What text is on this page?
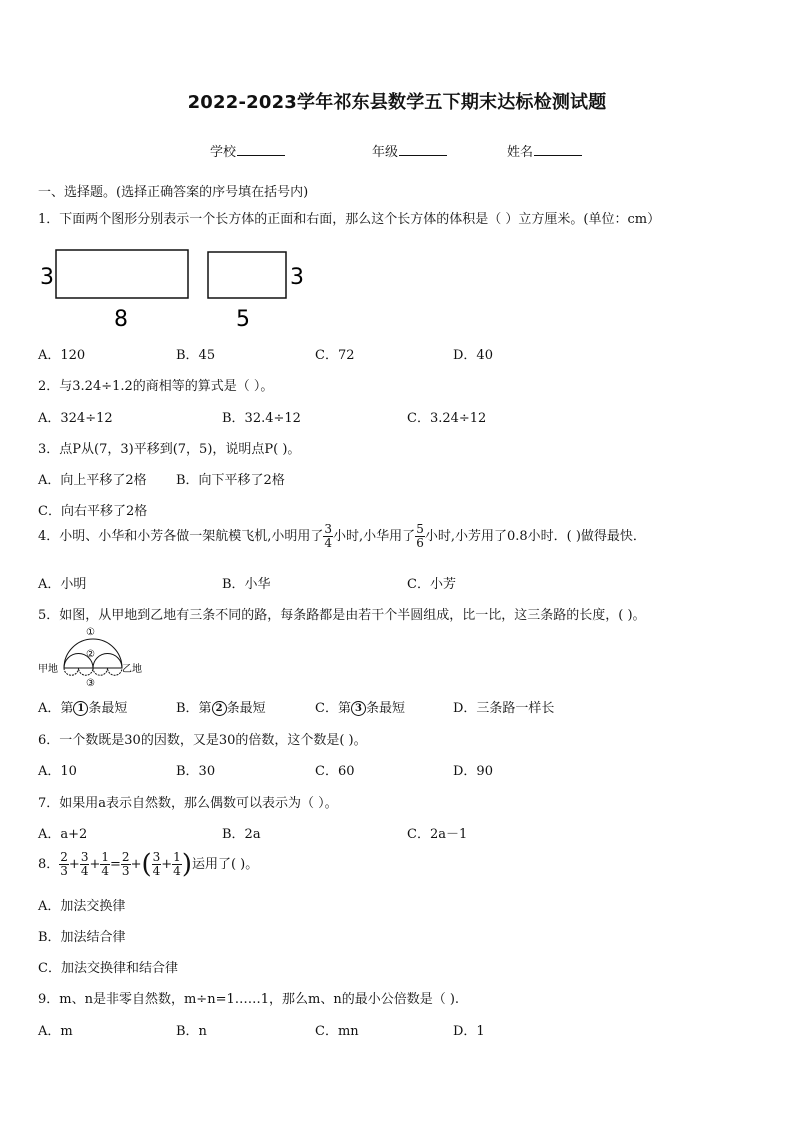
2022-2023学年祁东县数学五下期末达标检测试题
学校	年级	姓名
一、选择题。(选择正确答案的序号填在括号内)
1．下面两个图形分别表示一个长方体的正面和右面，那么这个长方体的体积是（ ）立方厘米。(单位：cm）
3
8
3
5
A．120	B．45	C．72	D．40
2．与3.24÷1.2的商相等的算式是（ ）。
A．324÷12	B．32.4÷12	C．3.24÷12
3．点P从(7，3)平移到(7，5)，说明点P( )。
A．向上平移了2格 B．向下平移了2格
C．向右平移了2格
4．小明、小华和小芳各做一架航模飞机,小明用了 $\frac{3}{4}$ 小时,小华用了 $\frac{5}{6}$ 小时,小芳用了0.8小时．( )做得最快．
A．小明	B．小华	C．小芳
5．如图，从甲地到乙地有三条不同的路，每条路都是由若干个半圆组成，比一比，这三条路的长度，( )。
①
②
③
甲地	乙地
A．第 1 条最短	B．第 2 条最短	C．第 3 条最短	D．三条路一样长
6．一个数既是30的因数，又是30的倍数，这个数是( )。
A．10	B．30	C．60	D．90
7．如果用a表示自然数，那么偶数可以表示为（ ）。
A．a+2	B．2a	C．2a－1
8． $\frac{2}{3} + \frac{3}{4} + \frac{1}{4} = \frac{2}{3}$ +( $\frac{3}{4} + \frac{1}{4}$ )运用了( )。
A．加法交换律
B．加法结合律
C．加法交换律和结合律
9．m、n是非零自然数，m÷n=1……1，那么m、n的最小公倍数是（ ).
A．m	B．n	C．mn	D．1
